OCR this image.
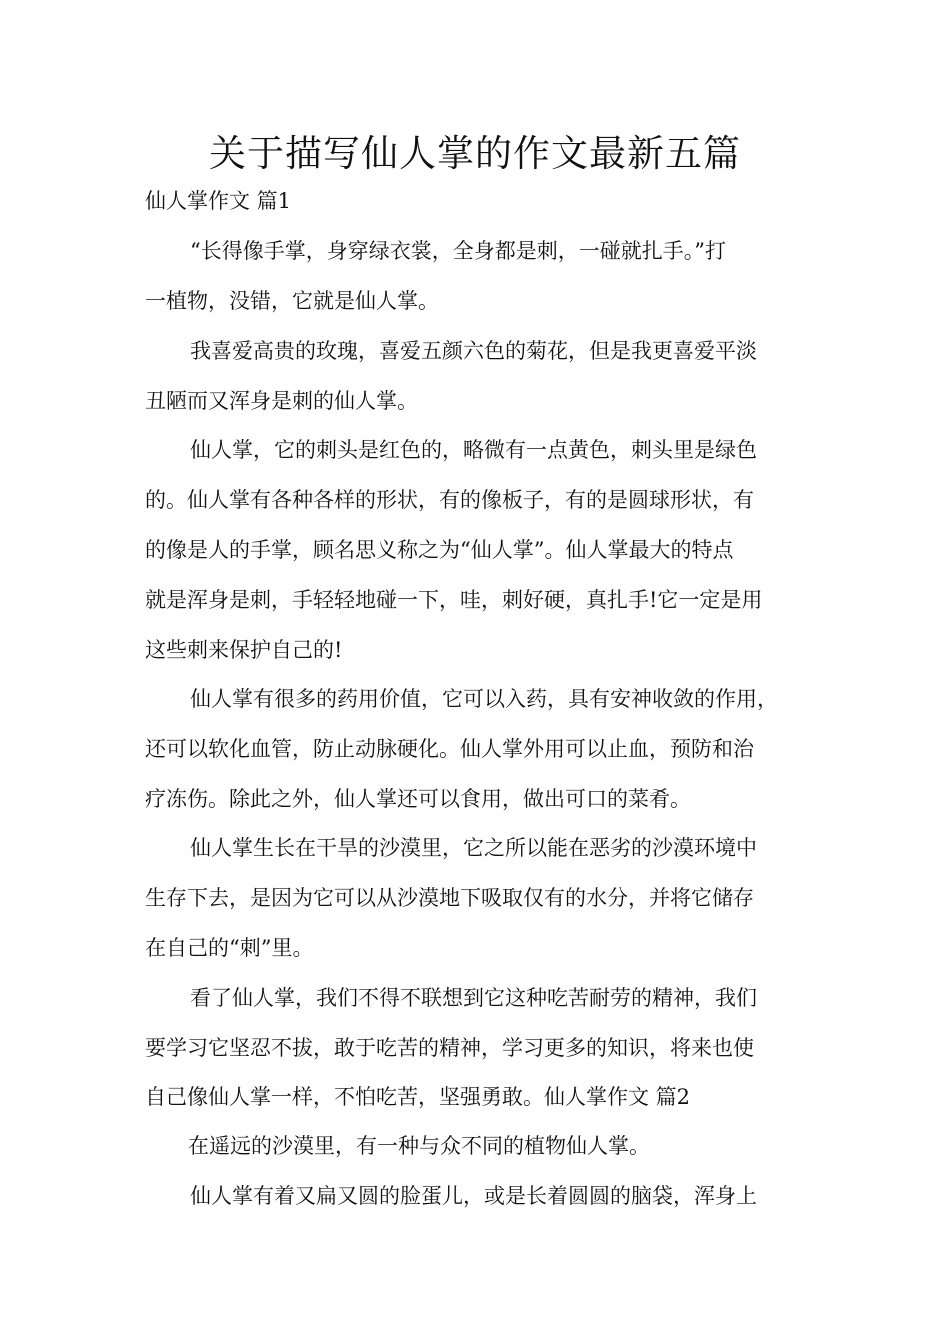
关于描写仙人掌的作文最新五篇

仙人掌作文 篇1

“长得像手掌，身穿绿衣裳，全身都是刺，一碰就扎手。”打

一植物，没错，它就是仙人掌。

我喜爱高贵的玫瑰，喜爱五颜六色的菊花，但是我更喜爱平淡

丑陋而又浑身是刺的仙人掌。

仙人掌，它的刺头是红色的，略微有一点黄色，刺头里是绿色

的。仙人掌有各种各样的形状，有的像板子，有的是圆球形状，有

的像是人的手掌，顾名思义称之为“仙人掌”。仙人掌最大的特点

就是浑身是刺，手轻轻地碰一下，哇，刺好硬，真扎手!它一定是用

这些刺来保护自己的!

仙人掌有很多的药用价值，它可以入药，具有安神收敛的作用，

还可以软化血管，防止动脉硬化。仙人掌外用可以止血，预防和治

疗冻伤。除此之外，仙人掌还可以食用，做出可口的菜肴。

仙人掌生长在干旱的沙漠里，它之所以能在恶劣的沙漠环境中

生存下去，是因为它可以从沙漠地下吸取仅有的水分，并将它储存

在自己的“刺”里。

看了仙人掌，我们不得不联想到它这种吃苦耐劳的精神，我们

要学习它坚忍不拔，敢于吃苦的精神，学习更多的知识，将来也使

自己像仙人掌一样，不怕吃苦，坚强勇敢。仙人掌作文 篇2

在遥远的沙漠里，有一种与众不同的植物仙人掌。

仙人掌有着又扁又圆的脸蛋儿，或是长着圆圆的脑袋，浑身上
